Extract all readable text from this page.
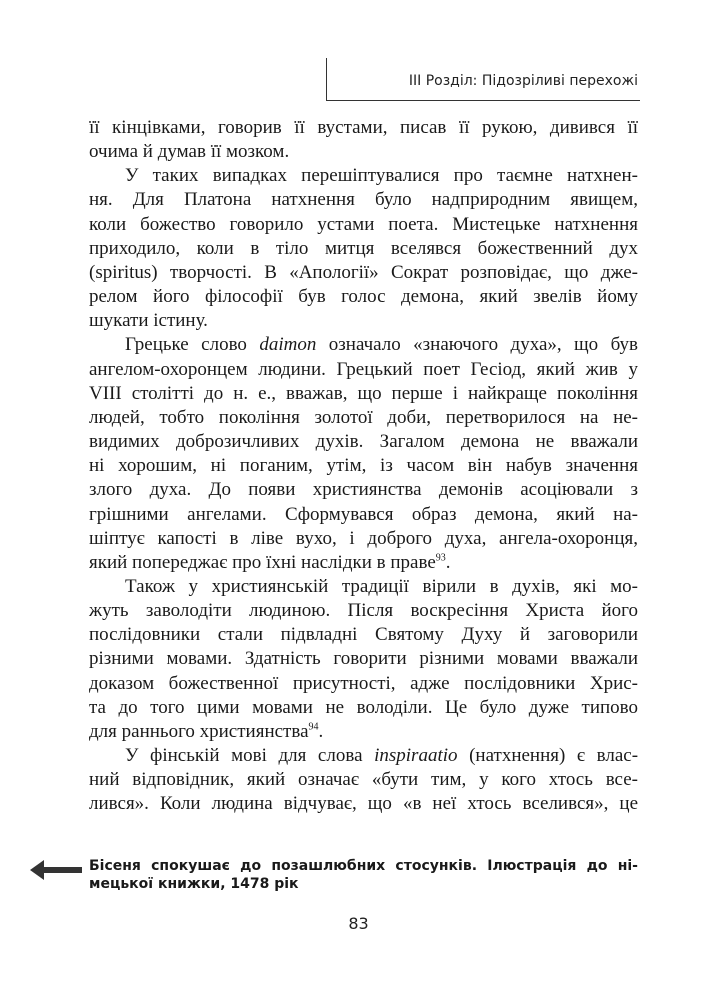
ІІІ Розділ: Підозріливі перехожі
її кінцівками, говорив її вустами, писав її рукою, дивився її
очима й думав її мозком.
У таких випадках перешіптувалися про таємне натхнен-
ня. Для Платона натхнення було надприродним явищем,
коли божество говорило устами поета. Мистецьке натхнення
приходило, коли в тіло митця вселявся божественний дух
(spiritus) творчості. В «Апології» Сократ розповідає, що дже-
релом його філософії був голос демона, який звелів йому
шукати істину.
Грецьке слово daimon означало «знаючого духа», що був
ангелом-охоронцем людини. Грецький поет Гесіод, який жив у
VIII столітті до н. е., вважав, що перше і найкраще покоління
людей, тобто покоління золотої доби, перетворилося на не-
видимих доброзичливих духів. Загалом демона не вважали
ні хорошим, ні поганим, утім, із часом він набув значення
злого духа. До появи християнства демонів асоціювали з
грішними ангелами. Сформувався образ демона, який на-
шіптує капості в ліве вухо, і доброго духа, ангела-охоронця,
який попереджає про їхні наслідки в праве$^{93}$.
Також у християнській традиції вірили в духів, які мо-
жуть заволодіти людиною. Після воскресіння Христа його
послідовники стали підвладні Святому Духу й заговорили
різними мовами. Здатність говорити різними мовами вважали
доказом божественної присутності, адже послідовники Хрис-
та до того цими мовами не володіли. Це було дуже типово
для раннього християнства$^{94}$.
У фінській мові для слова inspiraatio (натхнення) є влас-
ний відповідник, який означає «бути тим, у кого хтось все-
лився». Коли людина відчуває, що «в неї хтось вселився», це
Бісеня спокушає до позашлюбних стосунків. Ілюстрація до ні-
мецької книжки, 1478 рік
83
